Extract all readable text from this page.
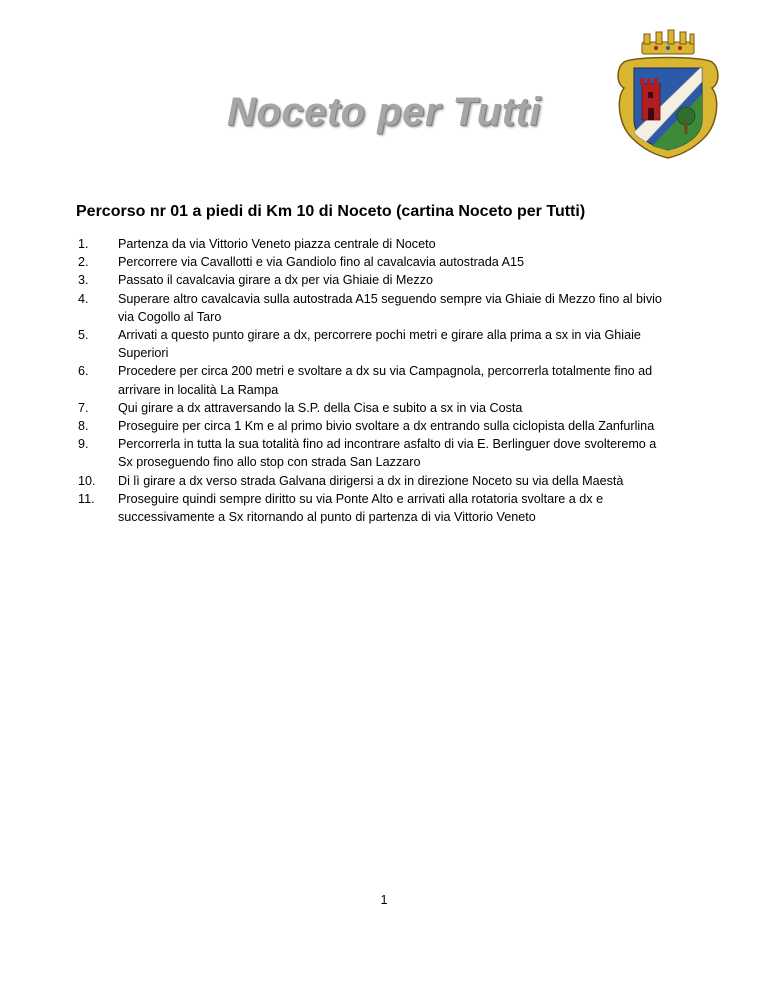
Noceto per Tutti
Percorso nr 01 a piedi di Km 10 di Noceto (cartina Noceto per Tutti)
1.	Partenza da via Vittorio Veneto piazza centrale di Noceto
2.	Percorrere via Cavallotti e via Gandiolo fino al cavalcavia autostrada A15
3.	Passato il cavalcavia girare a dx per via Ghiaie di Mezzo
4.	Superare altro cavalcavia sulla autostrada A15 seguendo sempre via Ghiaie di Mezzo fino al bivio
via Cogollo al Taro
5.	Arrivati a questo punto girare a dx, percorrere pochi metri e girare alla prima a sx in via Ghiaie
Superiori
6.	Procedere per circa 200 metri e svoltare a dx su via Campagnola, percorrerla totalmente fino ad
arrivare in località La Rampa
7.	Qui girare a dx attraversando la S.P. della Cisa e subito a sx in via Costa
8.	Proseguire per circa 1 Km e al primo bivio svoltare a dx entrando sulla ciclopista della Zanfurlina
9.	Percorrerla in tutta la sua totalità fino ad incontrare asfalto di via E. Berlinguer dove svolteremo a
Sx proseguendo fino allo stop con strada San Lazzaro
10.	Di lì girare a dx verso strada Galvana dirigersi a dx in direzione Noceto su via della Maestà
11.	Proseguire quindi sempre diritto su via Ponte Alto e arrivati alla rotatoria svoltare a dx e
successivamente a Sx ritornando al punto di partenza di via Vittorio Veneto
1
